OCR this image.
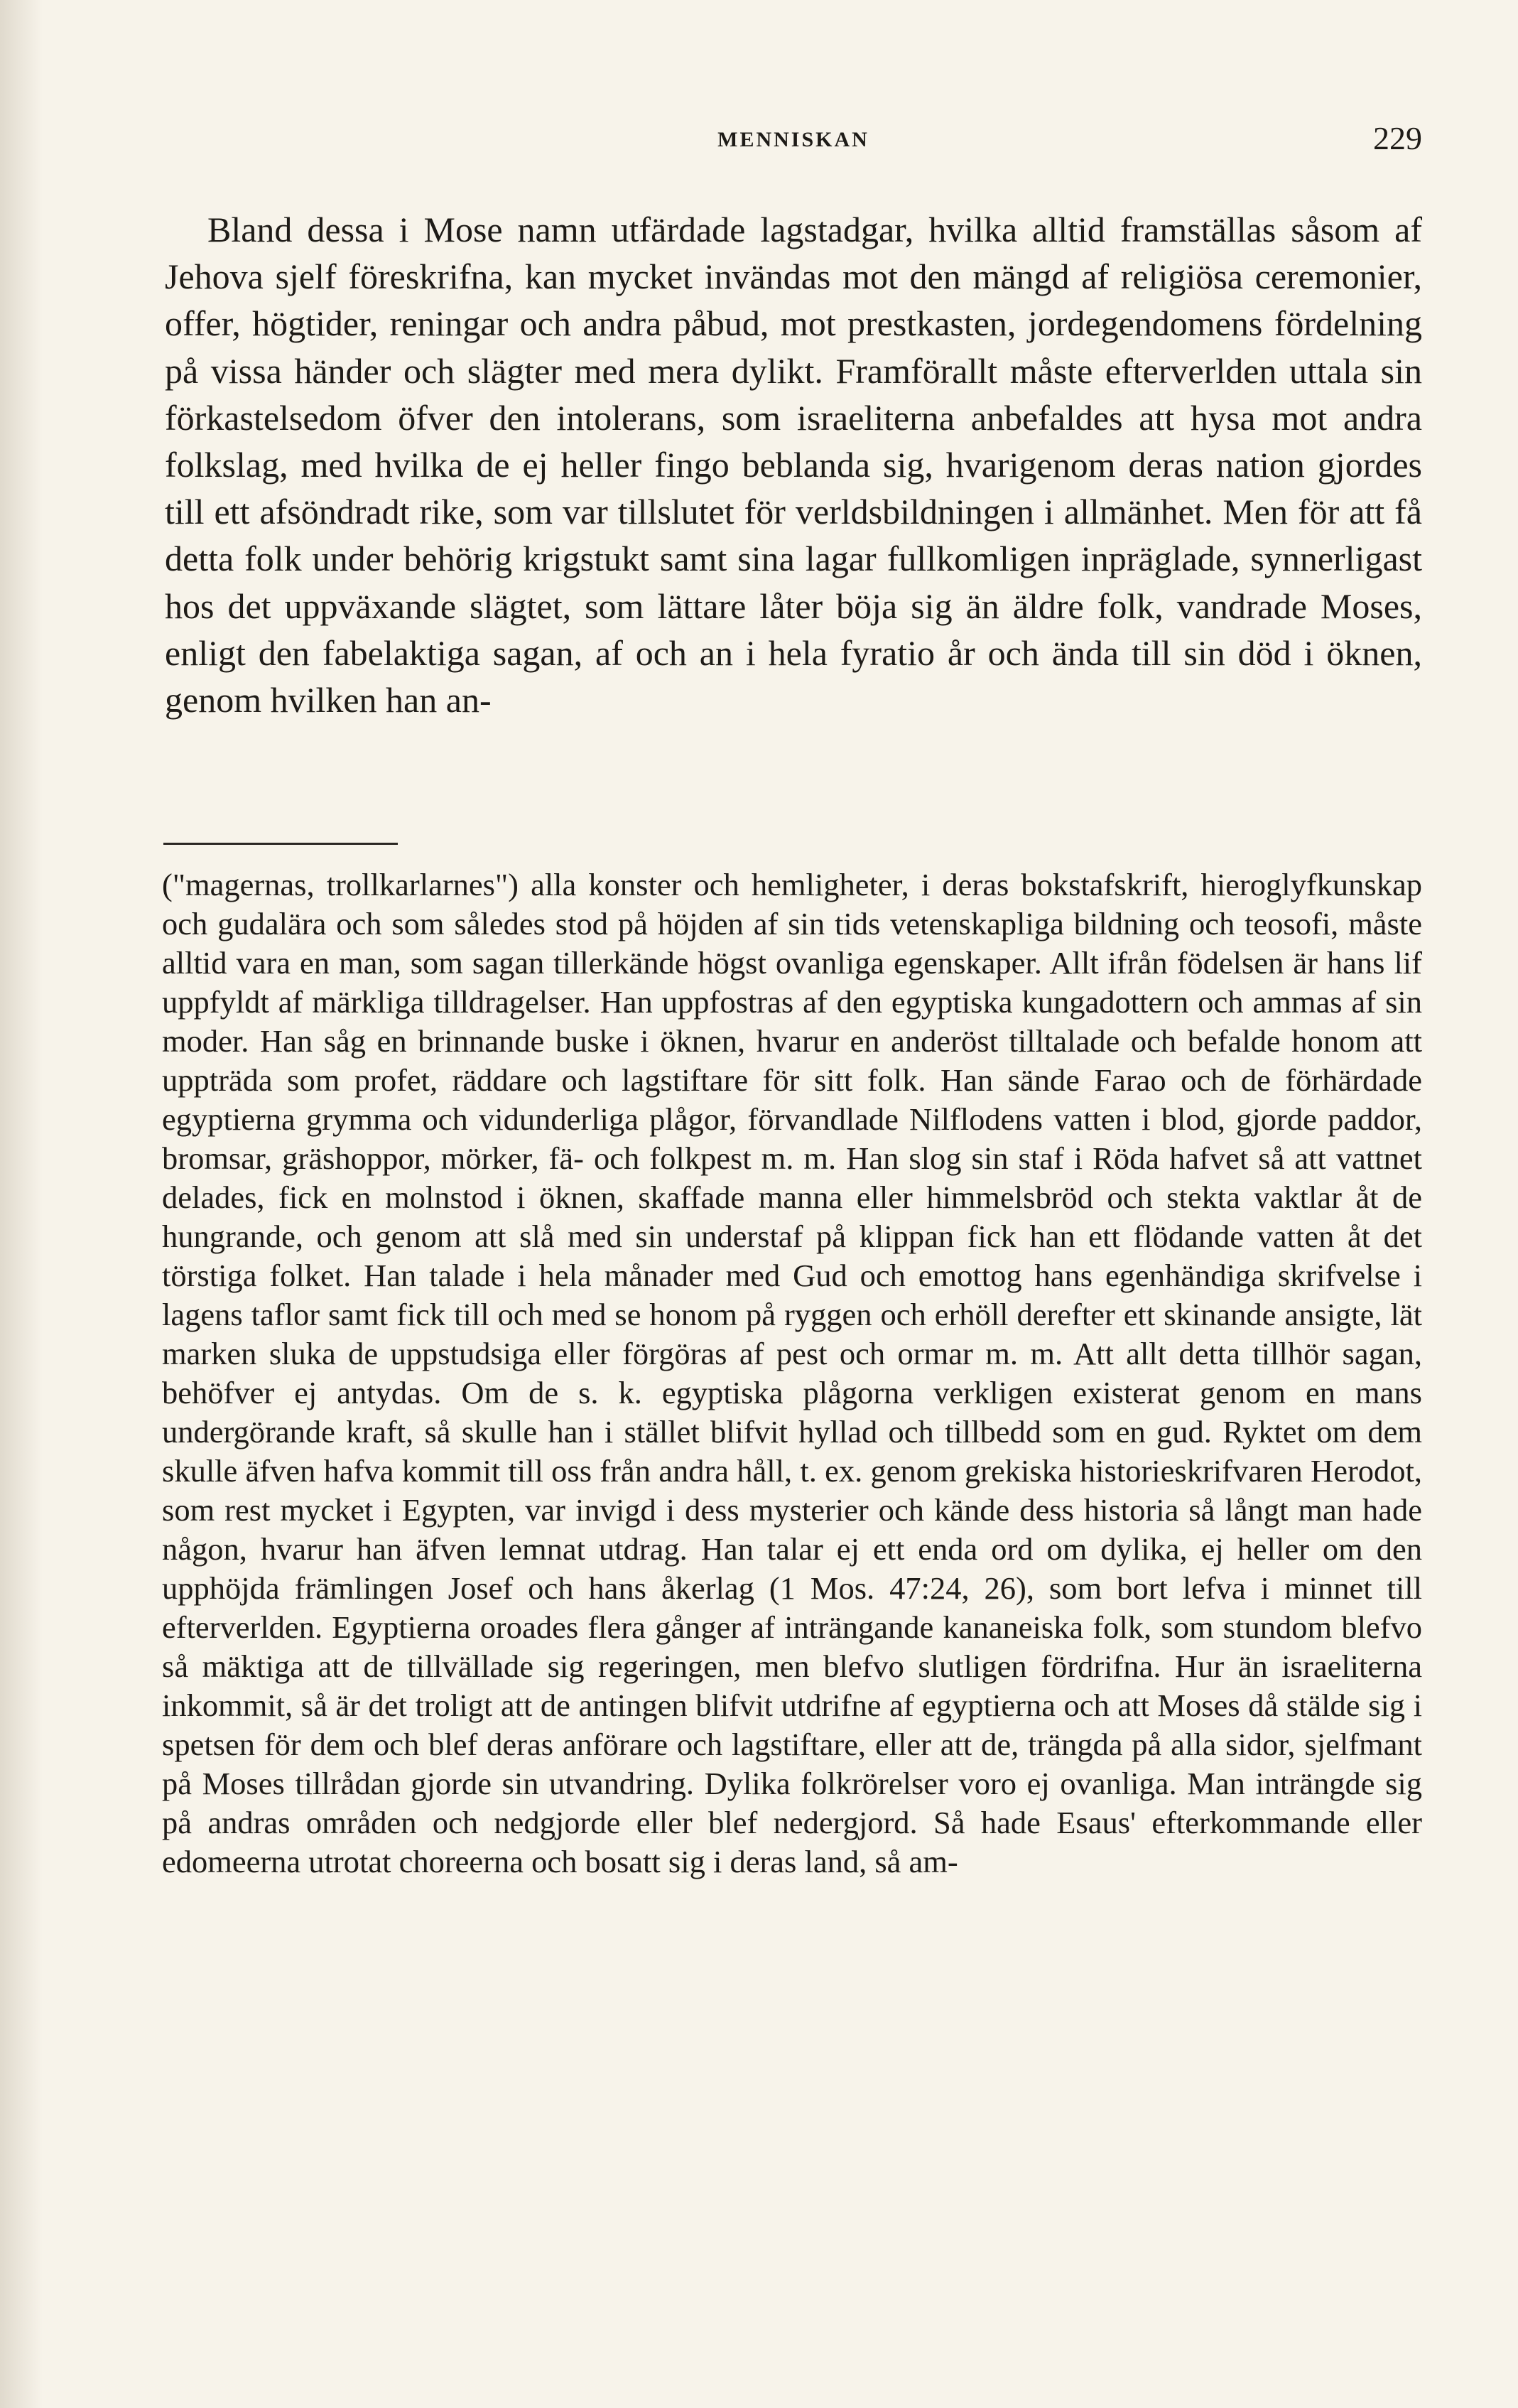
MENNISKAN	229

Bland dessa i Mose namn utfärdade lagstadgar, hvilka alltid framställas såsom af Jehova sjelf föreskrifna, kan mycket invändas mot den mängd af religiösa ceremonier, offer, högtider, reningar och andra påbud, mot prestkasten, jordegendomens fördelning på vissa händer och slägter med mera dylikt. Framförallt måste efterverlden uttala sin förkastelsedom öfver den intolerans, som israeliterna anbefaldes att hysa mot andra folkslag, med hvilka de ej heller fingo beblanda sig, hvarigenom deras nation gjordes till ett afsöndradt rike, som var tillslutet för verldsbildningen i allmänhet. Men för att få detta folk under behörig krigstukt samt sina lagar fullkomligen inpräglade, synnerligast hos det uppväxande slägtet, som lättare låter böja sig än äldre folk, vandrade Moses, enligt den fabelaktiga sagan, af och an i hela fyratio år och ända till sin död i öknen, genom hvilken han an-

("magernas, trollkarlarnes") alla konster och hemligheter, i deras bokstafskrift, hieroglyfkunskap och gudalära och som således stod på höjden af sin tids vetenskapliga bildning och teosofi, måste alltid vara en man, som sagan tillerkände högst ovanliga egenskaper. Allt ifrån födelsen är hans lif uppfyldt af märkliga tilldragelser. Han uppfostras af den egyptiska kungadottern och ammas af sin moder. Han såg en brinnande buske i öknen, hvarur en anderöst tilltalade och befalde honom att uppträda som profet, räddare och lagstiftare för sitt folk. Han sände Farao och de förhärdade egyptierna grymma och vidunderliga plågor, förvandlade Nilflodens vatten i blod, gjorde paddor, bromsar, gräshoppor, mörker, fä- och folkpest m. m. Han slog sin staf i Röda hafvet så att vattnet delades, fick en molnstod i öknen, skaffade manna eller himmelsbröd och stekta vaktlar åt de hungrande, och genom att slå med sin understaf på klippan fick han ett flödande vatten åt det törstiga folket. Han talade i hela månader med Gud och emottog hans egenhändiga skrifvelse i lagens taflor samt fick till och med se honom på ryggen och erhöll derefter ett skinande ansigte, lät marken sluka de uppstudsiga eller förgöras af pest och ormar m. m. Att allt detta tillhör sagan, behöfver ej antydas. Om de s. k. egyptiska plågorna verkligen existerat genom en mans undergörande kraft, så skulle han i stället blifvit hyllad och tillbedd som en gud. Ryktet om dem skulle äfven hafva kommit till oss från andra håll, t. ex. genom grekiska historieskrifvaren Herodot, som rest mycket i Egypten, var invigd i dess mysterier och kände dess historia så långt man hade någon, hvarur han äfven lemnat utdrag. Han talar ej ett enda ord om dylika, ej heller om den upphöjda främlingen Josef och hans åkerlag (1 Mos. 47:24, 26), som bort lefva i minnet till efterverlden. Egyptierna oroades flera gånger af inträngande kananeiska folk, som stundom blefvo så mäktiga att de tillvällade sig regeringen, men blefvo slutligen fördrifna. Hur än israeliterna inkommit, så är det troligt att de antingen blifvit utdrifne af egyptierna och att Moses då stälde sig i spetsen för dem och blef deras anförare och lagstiftare, eller att de, trängda på alla sidor, sjelfmant på Moses tillrådan gjorde sin utvandring. Dylika folkrörelser voro ej ovanliga. Man inträngde sig på andras områden och nedgjorde eller blef nedergjord. Så hade Esaus' efterkommande eller edomeerna utrotat choreerna och bosatt sig i deras land, så am-
